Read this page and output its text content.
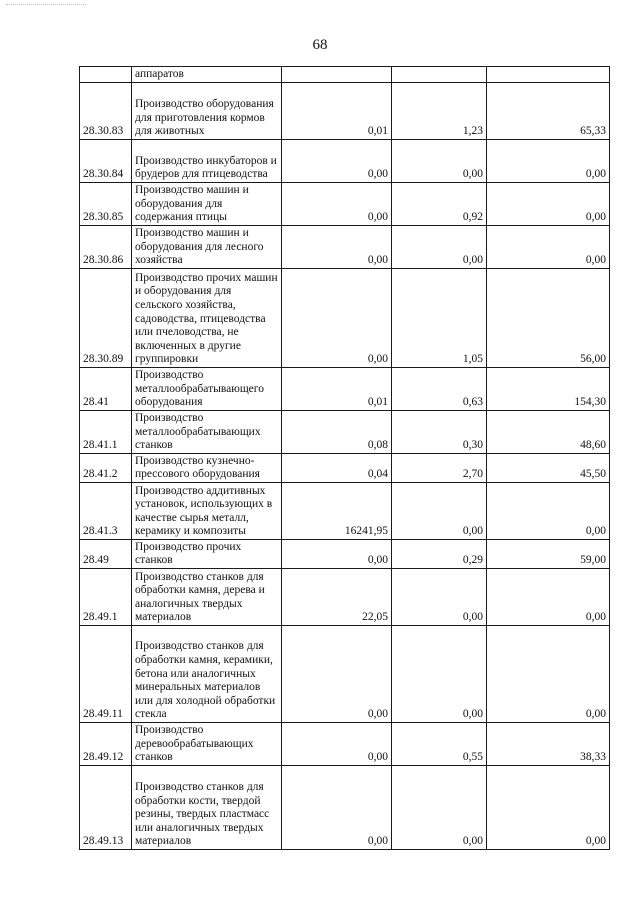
68
	аппаратов			
28.30.83	Производство оборудования для приготовления кормов для животных	0,01	1,23	65,33
28.30.84	Производство инкубаторов и брудеров для птицеводства	0,00	0,00	0,00
28.30.85	Производство машин и оборудования для содержания птицы	0,00	0,92	0,00
28.30.86	Производство машин и оборудования для лесного хозяйства	0,00	0,00	0,00
28.30.89	Производство прочих машин и оборудования для сельского хозяйства, садоводства, птицеводства или пчеловодства, не включенных в другие группировки	0,00	1,05	56,00
28.41	Производство металлообрабатывающего оборудования	0,01	0,63	154,30
28.41.1	Производство металлообрабатывающих станков	0,08	0,30	48,60
28.41.2	Производство кузнечно-прессового оборудования	0,04	2,70	45,50
28.41.3	Производство аддитивных установок, использующих в качестве сырья металл, керамику и композиты	16241,95	0,00	0,00
28.49	Производство прочих станков	0,00	0,29	59,00
28.49.1	Производство станков для обработки камня, дерева и аналогичных твердых материалов	22,05	0,00	0,00
28.49.11	Производство станков для обработки камня, керамики, бетона или аналогичных минеральных материалов или для холодной обработки стекла	0,00	0,00	0,00
28.49.12	Производство деревообрабатывающих станков	0,00	0,55	38,33
28.49.13	Производство станков для обработки кости, твердой резины, твердых пластмасс или аналогичных твердых материалов	0,00	0,00	0,00
